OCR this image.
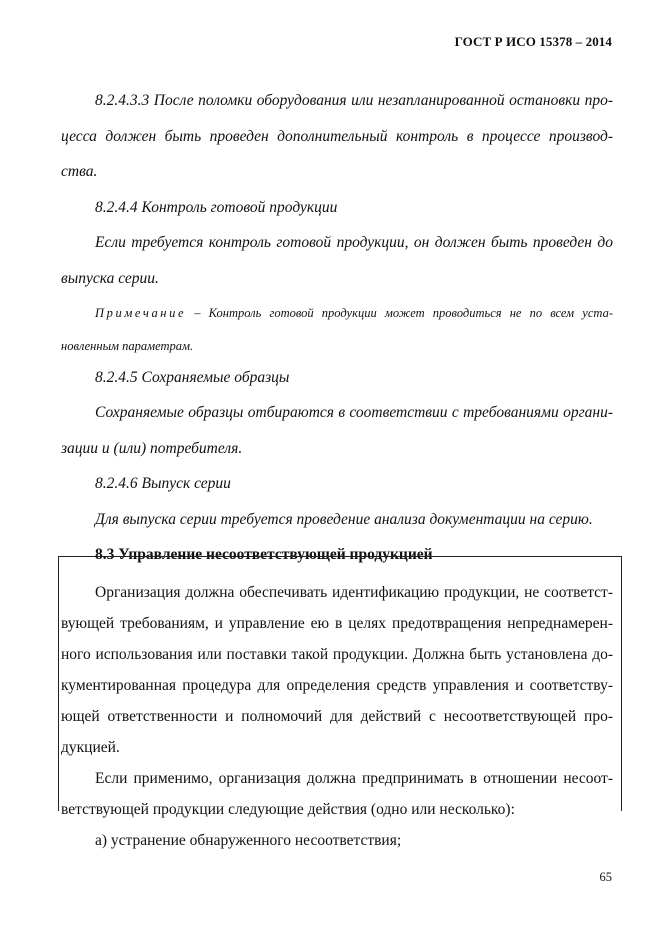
ГОСТ Р ИСО 15378 – 2014
8.2.4.3.3 После поломки оборудования или незапланированной остановки про-
цесса должен быть проведен дополнительный контроль в процессе производ-
ства.
8.2.4.4 Контроль готовой продукции
Если требуется контроль готовой продукции, он должен быть проведен до
выпуска серии.
Примечание – Контроль готовой продукции может проводиться не по всем уста-
новленным параметрам.
8.2.4.5 Сохраняемые образцы
Сохраняемые образцы отбираются в соответствии с требованиями органи-
зации и (или) потребителя.
8.2.4.6 Выпуск серии
Для выпуска серии требуется проведение анализа документации на серию.
8.3 Управление несоответствующей продукцией
Организация должна обеспечивать идентификацию продукции, не соответст-
вующей требованиям, и управление ею в целях предотвращения непреднамерен-
ного использования или поставки такой продукции. Должна быть установлена до-
кументированная процедура для определения средств управления и соответству-
ющей ответственности и полномочий для действий с несоответствующей про-
дукцией.
Если применимо, организация должна предпринимать в отношении несоот-
ветствующей продукции следующие действия (одно или несколько):
а) устранение обнаруженного несоответствия;
65
